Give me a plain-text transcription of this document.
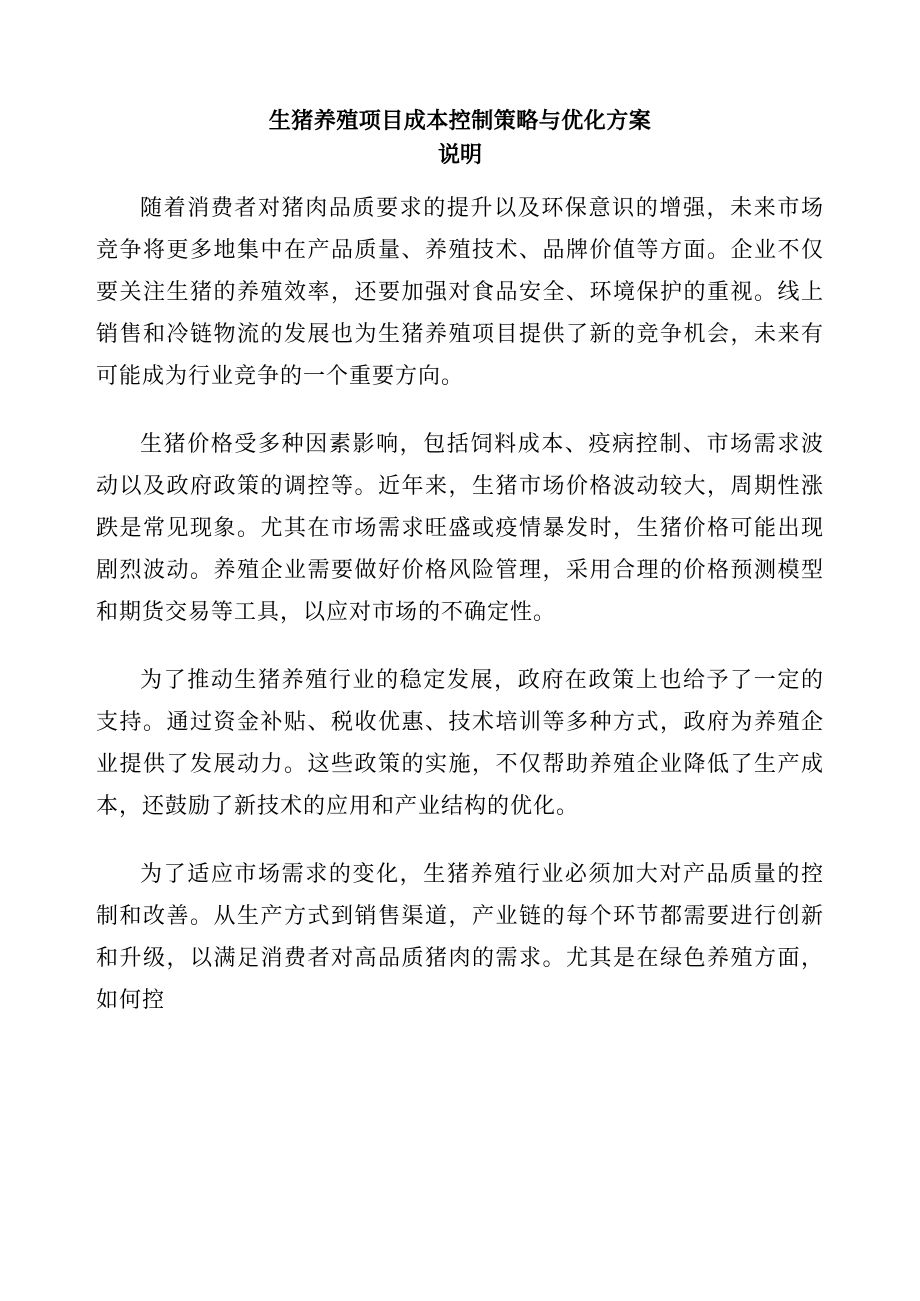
生猪养殖项目成本控制策略与优化方案
说明

随着消费者对猪肉品质要求的提升以及环保意识的增强，未来市场竞争将更多地集中在产品质量、养殖技术、品牌价值等方面。企业不仅要关注生猪的养殖效率，还要加强对食品安全、环境保护的重视。线上销售和冷链物流的发展也为生猪养殖项目提供了新的竞争机会，未来有可能成为行业竞争的一个重要方向。

生猪价格受多种因素影响，包括饲料成本、疫病控制、市场需求波动以及政府政策的调控等。近年来，生猪市场价格波动较大，周期性涨跌是常见现象。尤其在市场需求旺盛或疫情暴发时，生猪价格可能出现剧烈波动。养殖企业需要做好价格风险管理，采用合理的价格预测模型和期货交易等工具，以应对市场的不确定性。

为了推动生猪养殖行业的稳定发展，政府在政策上也给予了一定的支持。通过资金补贴、税收优惠、技术培训等多种方式，政府为养殖企业提供了发展动力。这些政策的实施，不仅帮助养殖企业降低了生产成本，还鼓励了新技术的应用和产业结构的优化。

为了适应市场需求的变化，生猪养殖行业必须加大对产品质量的控制和改善。从生产方式到销售渠道，产业链的每个环节都需要进行创新和升级，以满足消费者对高品质猪肉的需求。尤其是在绿色养殖方面，如何控
